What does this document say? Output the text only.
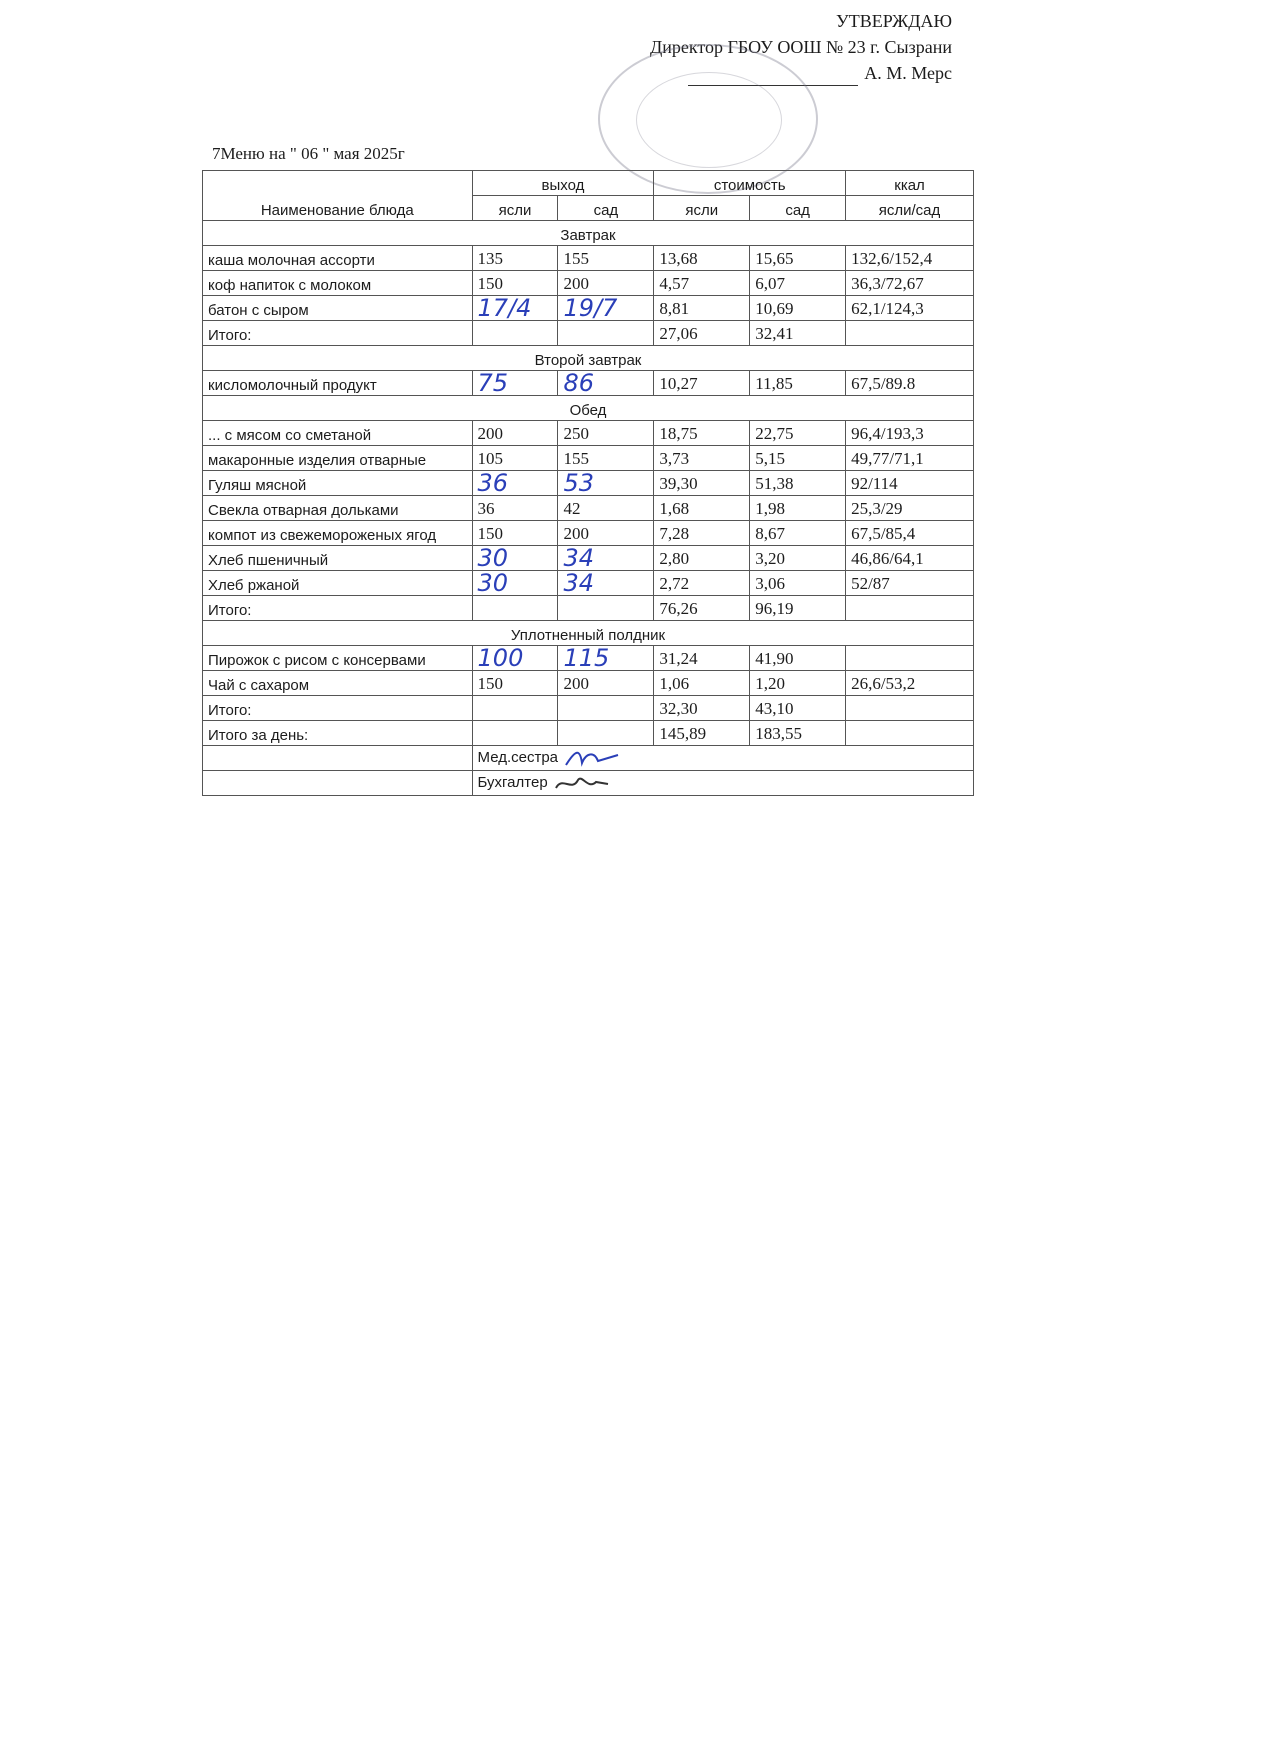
УТВЕРЖДАЮ
Директор ГБОУ ООШ № 23 г. Сызрани
А. М. Мерс
7Меню на " 06 " мая 2025г
Наименование блюда	выход		стоимость		ккал
	ясли	сад	ясли	сад	ясли/сад
Завтрак					
каша молочная ассорти	135	155	13,68	15,65	132,6/152,4
коф напиток с молоком	150	200	4,57	6,07	36,3/72,67
батон с сыром	17/4	19/7	8,81	10,69	62,1/124,3
Итого:			27,06	32,41	
Второй завтрак					
кисломолочный продукт	75	86	10,27	11,85	67,5/89.8
Обед					
... с мясом со сметаной	200	250	18,75	22,75	96,4/193,3
макаронные изделия отварные	105	155	3,73	5,15	49,77/71,1
Гуляш мясной	36	53	39,30	51,38	92/114
Свекла отварная дольками	36	42	1,68	1,98	25,3/29
компот из свежемороженых ягод	150	200	7,28	8,67	67,5/85,4
Хлеб пшеничный	30	34	2,80	3,20	46,86/64,1
Хлеб ржаной	30	34	2,72	3,06	52/87
Итого:			76,26	96,19	
Уплотненный полдник					
Пирожок с рисом с консервами	100	115	31,24	41,90	
Чай с сахаром	150	200	1,06	1,20	26,6/53,2
Итого:			32,30	43,10	
Итого за день:			145,89	183,55	
	Мед.сестра				
	Бухгалтер				
